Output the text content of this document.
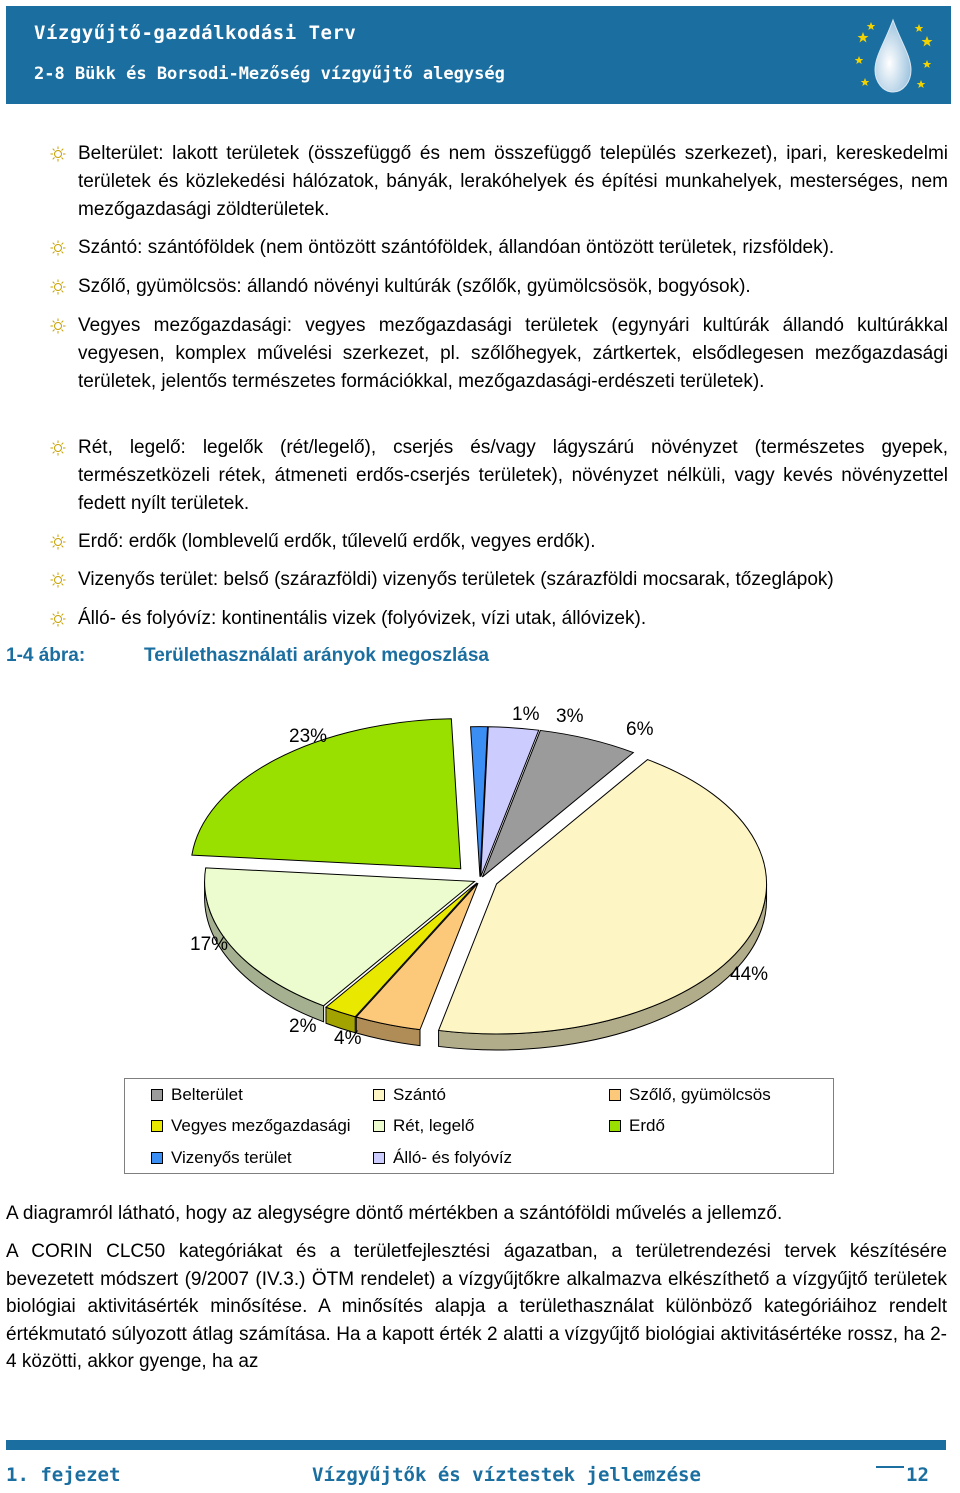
Vízgyűjtő-gazdálkodási Terv
2-8 Bükk és Borsodi-Mezőség vízgyűjtő alegység
Belterület: lakott területek (összefüggő és nem összefüggő település szerkezet), ipari, kereskedelmi területek és közlekedési hálózatok, bányák, lerakóhelyek és építési munkahelyek, mesterséges, nem mezőgazdasági zöldterületek.
Szántó: szántóföldek (nem öntözött szántóföldek, állandóan öntözött területek, rizsföldek).
Szőlő, gyümölcsös: állandó növényi kultúrák (szőlők, gyümölcsösök, bogyósok).
Vegyes mezőgazdasági: vegyes mezőgazdasági területek (egynyári kultúrák állandó kultúrákkal vegyesen, komplex művelési szerkezet, pl. szőlőhegyek, zártkertek, elsődlegesen mezőgazdasági területek, jelentős természetes formációkkal, mezőgazdasági-erdészeti területek).
Rét, legelő: legelők (rét/legelő), cserjés és/vagy lágyszárú növényzet (természetes gyepek, természetközeli rétek, átmeneti erdős-cserjés területek), növényzet nélküli, vagy kevés növényzettel fedett nyílt területek.
Erdő: erdők (lomblevelű erdők, tűlevelű erdők, vegyes erdők).
Vizenyős terület: belső (szárazföldi) vizenyős területek (szárazföldi mocsarak, tőzeglápok)
Álló- és folyóvíz: kontinentális vizek (folyóvizek, vízi utak, állóvizek).
1-4 ábra:	Területhasználati arányok megoszlása
6%
44%
4%
2%
17%
23%
1% 3%
Belterület	Szántó	Szőlő, gyümölcsös
Vegyes mezőgazdasági	Rét, legelő	Erdő
Vizenyős terület	Álló- és folyóvíz
A diagramról látható, hogy az alegységre döntő mértékben a szántóföldi művelés a jellemző.
A CORIN CLC50 kategóriákat és a területfejlesztési ágazatban, a területrendezési tervek készítésére bevezetett módszert (9/2007 (IV.3.) ÖTM rendelet) a vízgyűjtőkre alkalmazva elkészíthető a vízgyűjtő területek biológiai aktivitásérték minősítése. A minősítés alapja a területhasználat különböző kategóriáihoz rendelt értékmutató súlyozott átlag számítása. Ha a kapott érték 2 alatti a vízgyűjtő biológiai aktivitásértéke rossz, ha 2-4 közötti, akkor gyenge, ha az
1. fejezet	Vízgyűjtők és víztestek jellemzése	12
